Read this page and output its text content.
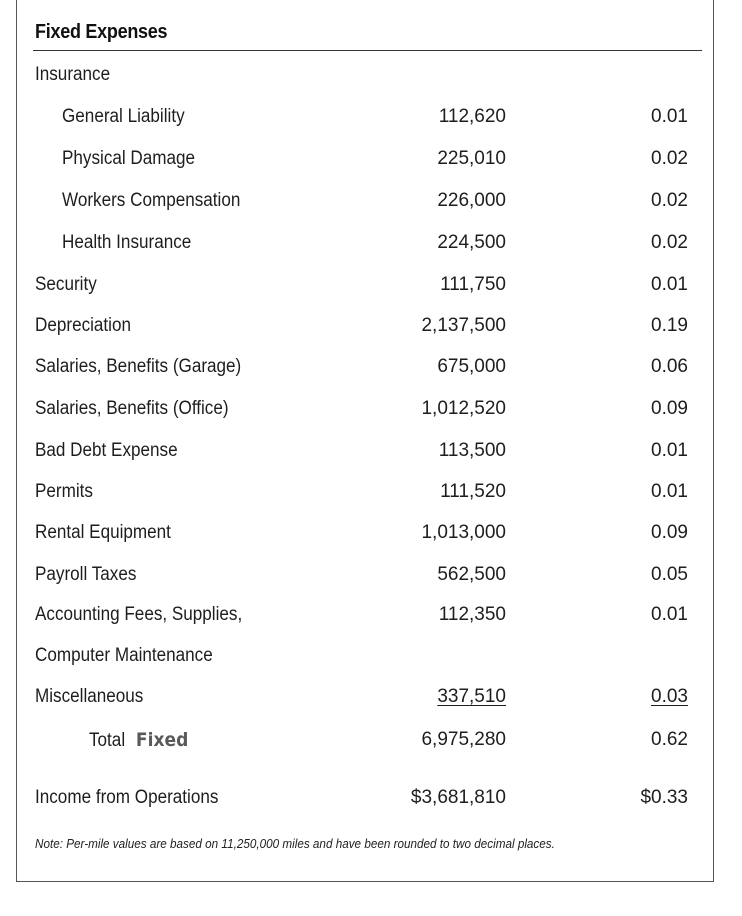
Fixed Expenses
Insurance
General Liability	112,620	0.01
Physical Damage	225,010	0.02
Workers Compensation	226,000	0.02
Health Insurance	224,500	0.02
Security	111,750	0.01
Depreciation	2,137,500	0.19
Salaries, Benefits (Garage)	675,000	0.06
Salaries, Benefits (Office)	1,012,520	0.09
Bad Debt Expense	113,500	0.01
Permits	111,520	0.01
Rental Equipment	1,013,000	0.09
Payroll Taxes	562,500	0.05
Accounting Fees, Supplies,	112,350	0.01
Computer Maintenance
Miscellaneous	337,510	0.03
Total Fixed	6,975,280	0.62
Income from Operations	$3,681,810	$0.33
Note: Per-mile values are based on 11,250,000 miles and have been rounded to two decimal places.
